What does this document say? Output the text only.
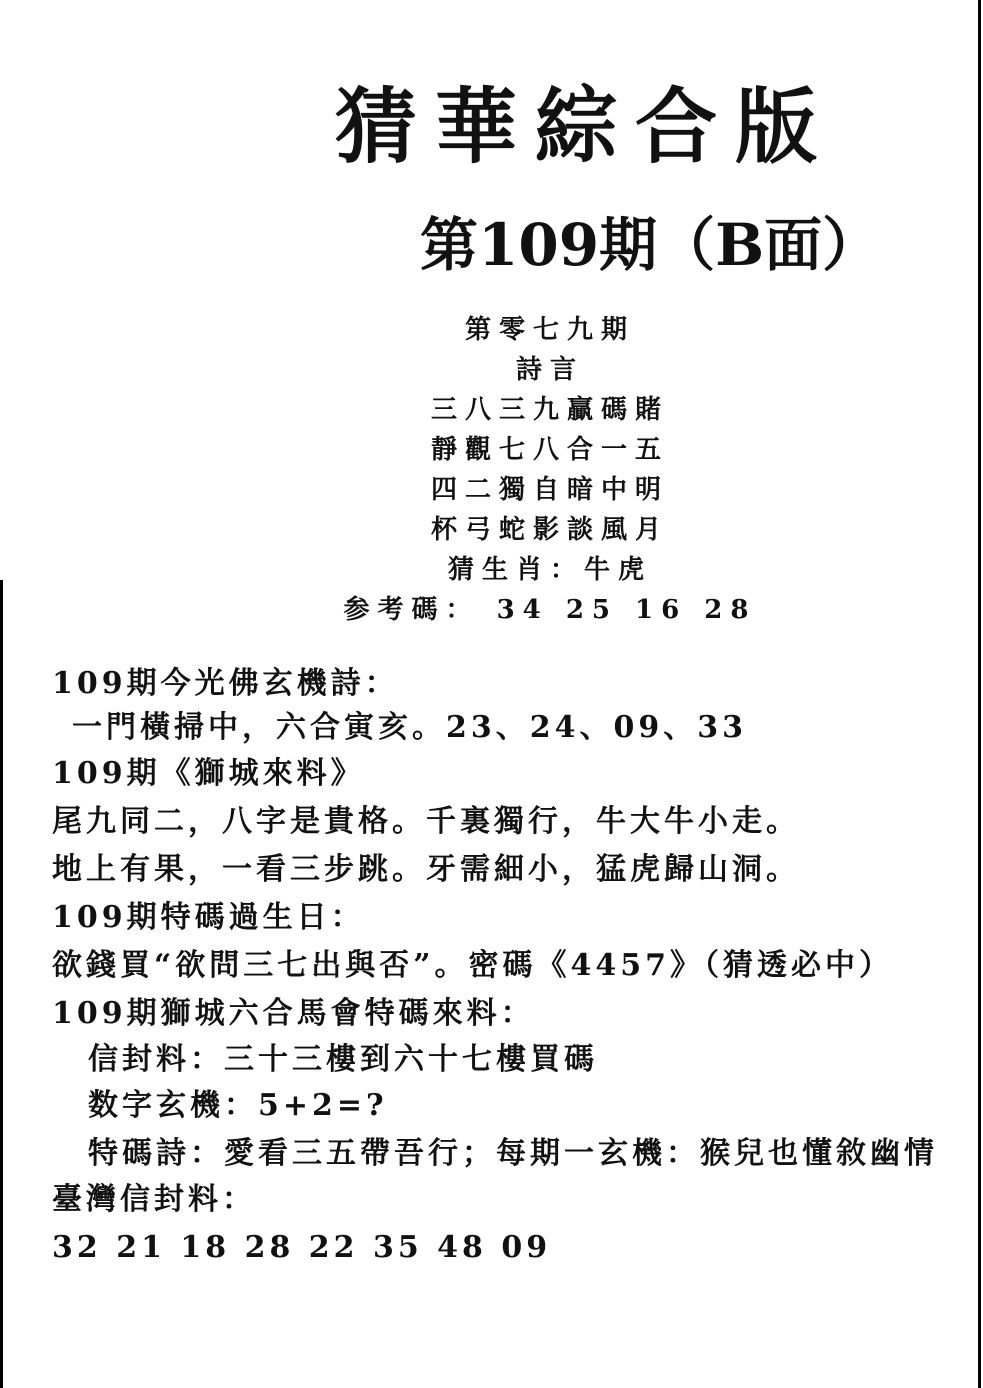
猜華綜合版
第109期（B面）
第零七九期
詩言
三八三九贏碼賭
靜觀七八合一五
四二獨自暗中明
杯弓蛇影談風月
猜生肖：牛虎
参考碼： 34 25 16 28
109期今光佛玄機詩：
一門橫掃中，六合寅亥。23、24、09、33
109期《獅城來料》
尾九同二，八字是貴格。千裏獨行，牛大牛小走。
地上有果，一看三步跳。牙需細小，猛虎歸山洞。
109期特碼過生日：
欲錢買“欲問三七出與否”。密碼《4457》（猜透必中）
109期獅城六合馬會特碼來料：
信封料：三十三樓到六十七樓買碼
数字玄機：5+2=?
特碼詩：愛看三五帶吾行；每期一玄機：猴兒也懂敘幽情
臺灣信封料：
32 21 18 28 22 35 48 09
